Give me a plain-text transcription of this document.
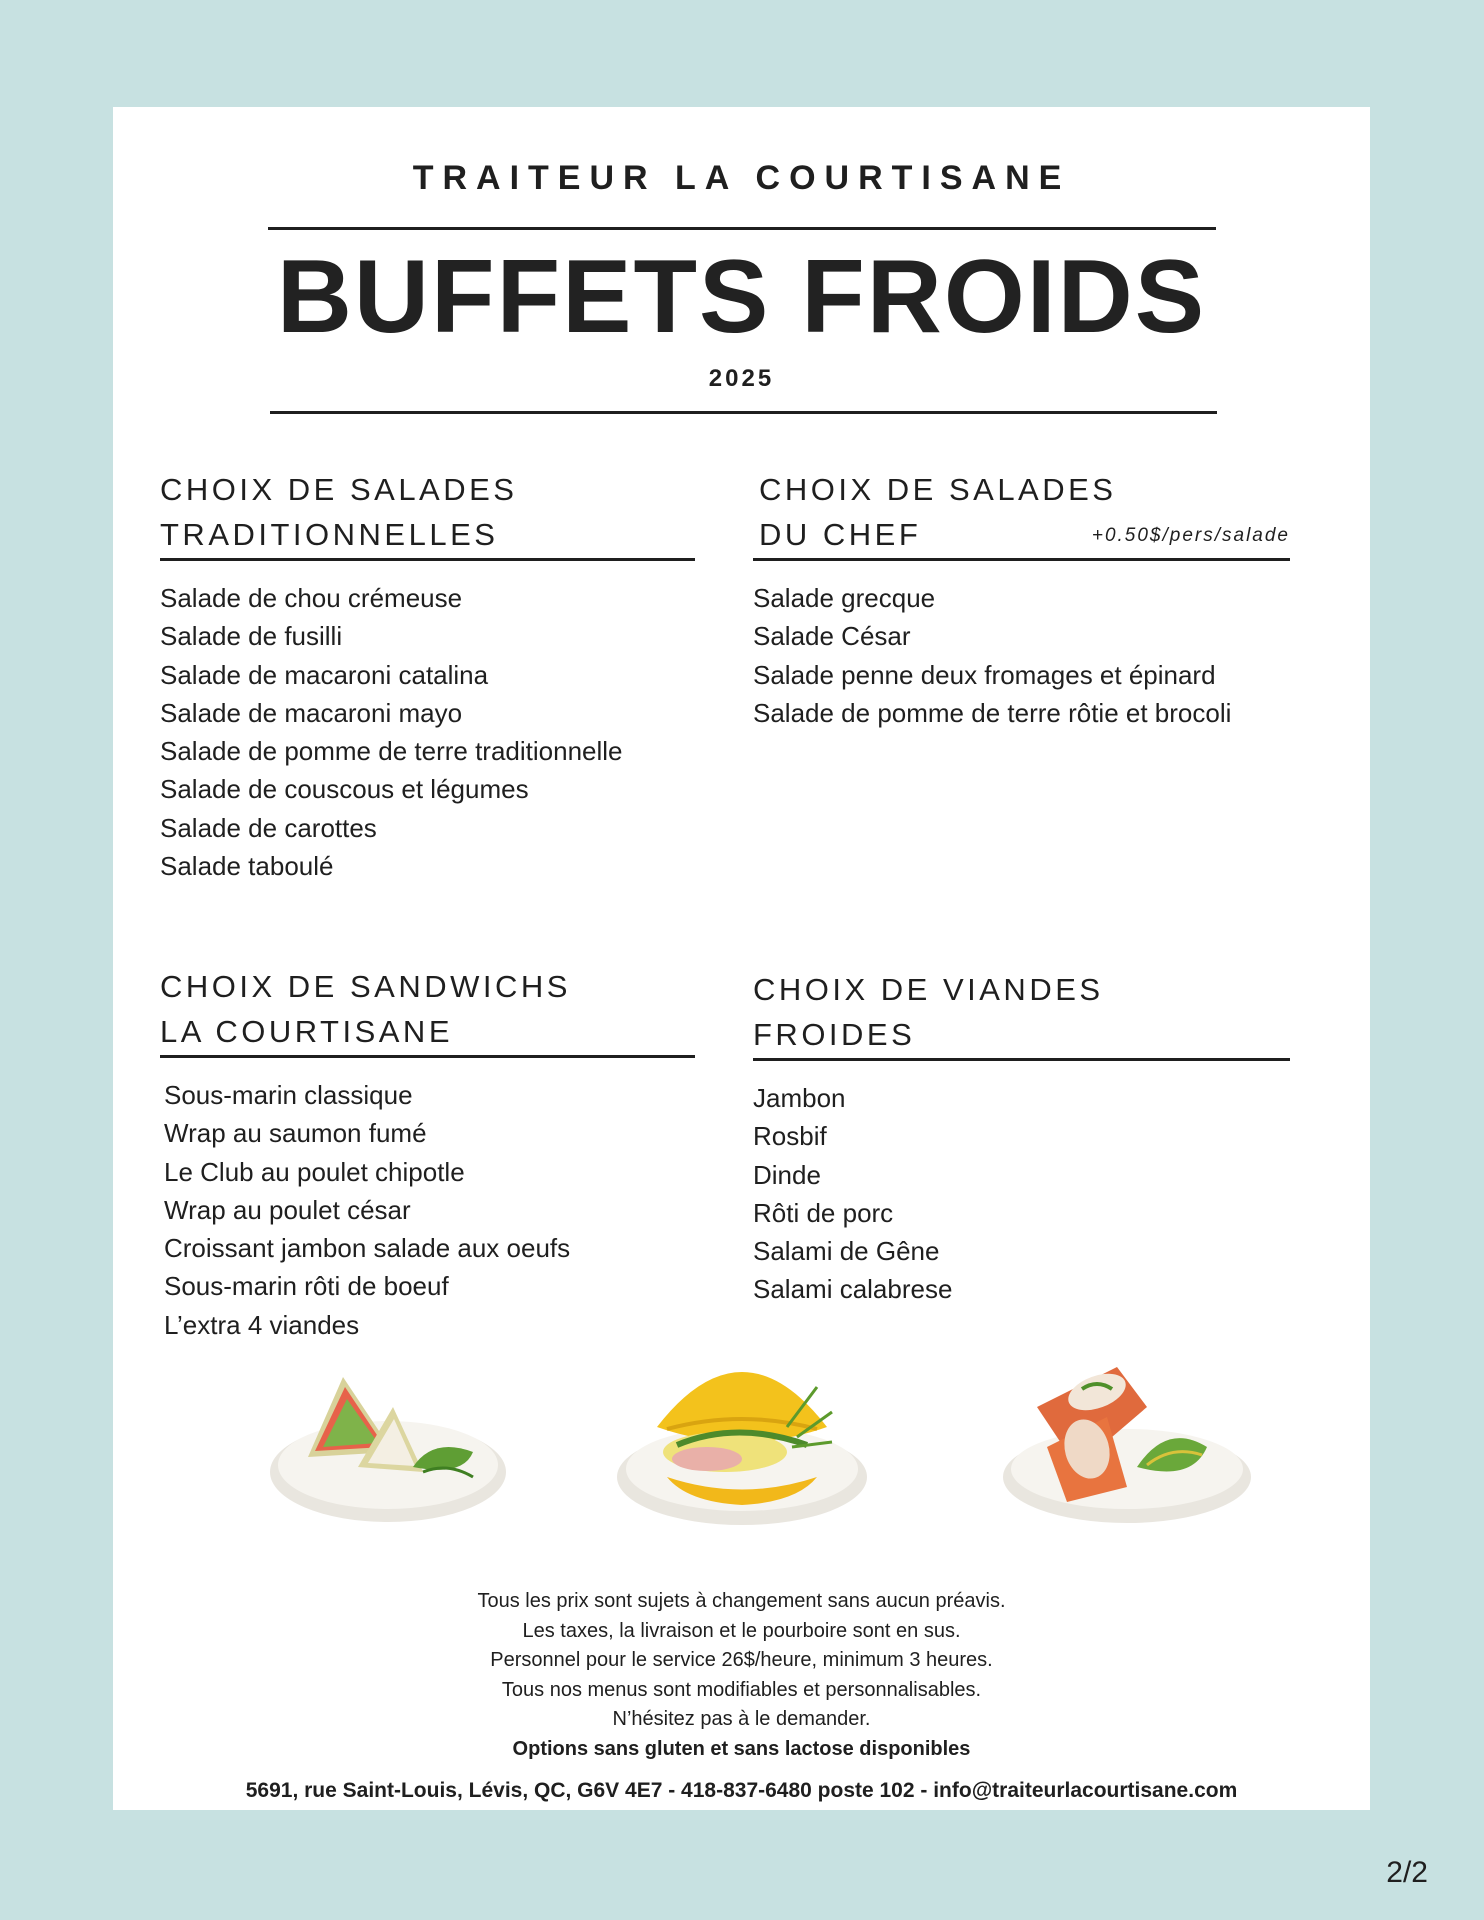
TRAITEUR LA COURTISANE
BUFFETS FROIDS
2025
CHOIX DE SALADES
TRADITIONNELLES
Salade de chou crémeuse
Salade de fusilli
Salade de macaroni catalina
Salade de macaroni mayo
Salade de pomme de terre traditionnelle
Salade de couscous et légumes
Salade de carottes
Salade taboulé
CHOIX DE SALADES
DU CHEF	+0.50$/pers/salade
Salade grecque
Salade César
Salade penne deux fromages et épinard
Salade de pomme de terre rôtie et brocoli
CHOIX DE SANDWICHS
LA COURTISANE
Sous-marin classique
Wrap au saumon fumé
Le Club au poulet chipotle
Wrap au poulet césar
Croissant jambon salade aux oeufs
Sous-marin rôti de boeuf
L’extra 4 viandes
CHOIX DE VIANDES
FROIDES
Jambon
Rosbif
Dinde
Rôti de porc
Salami de Gêne
Salami calabrese
Tous les prix sont sujets à changement sans aucun préavis.
Les taxes, la livraison et le pourboire sont en sus.
Personnel pour le service 26$/heure, minimum 3 heures.
Tous nos menus sont modifiables et personnalisables.
N’hésitez pas à le demander.
Options sans gluten et sans lactose disponibles
5691, rue Saint-Louis, Lévis, QC, G6V 4E7 - 418-837-6480 poste 102 - info@traiteurlacourtisane.com
2/2
